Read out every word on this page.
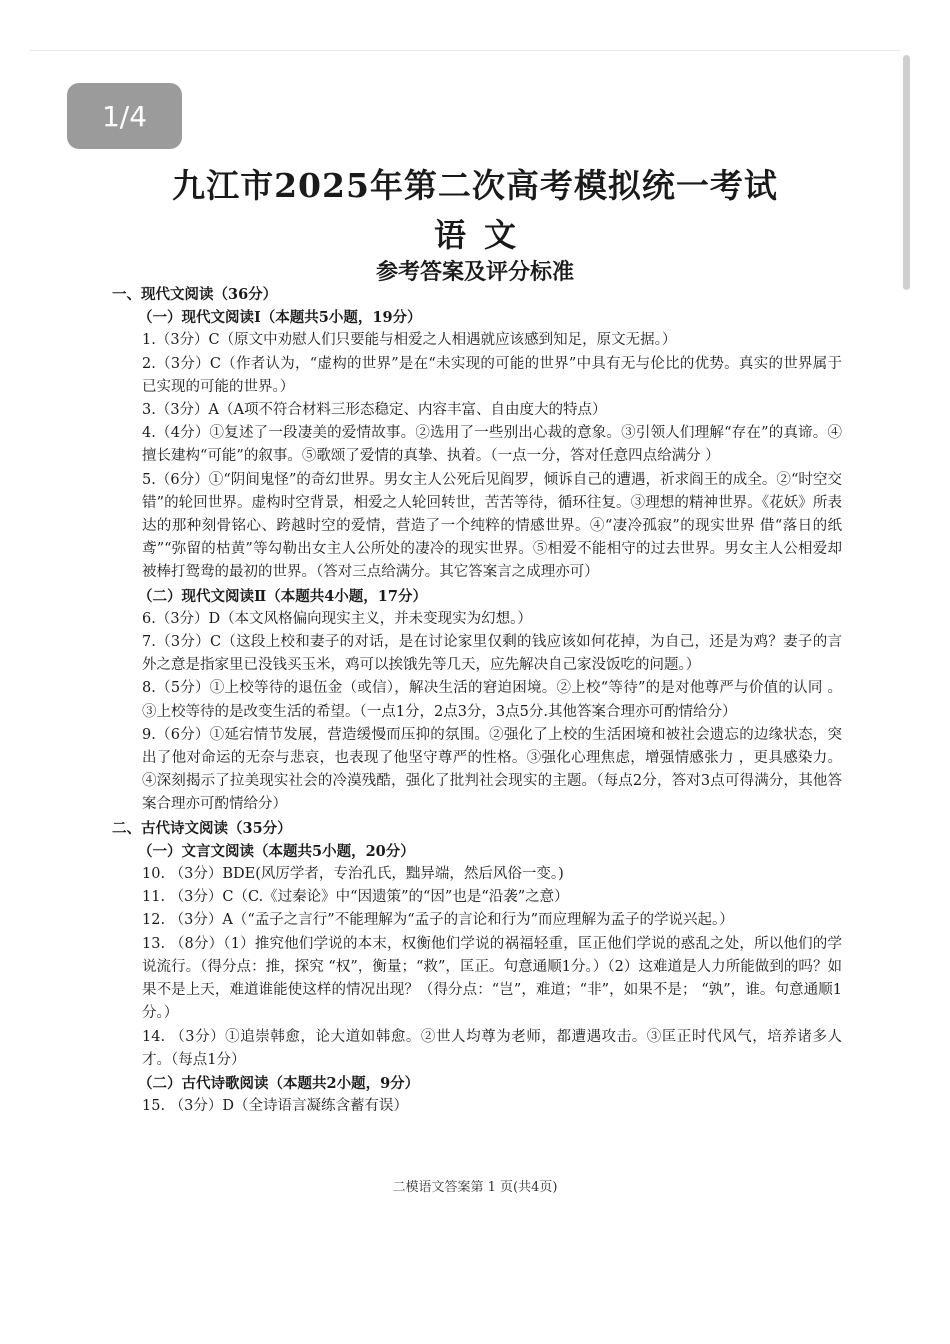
1/4
九江市2025年第二次高考模拟统一考试
语文
参考答案及评分标准

一、现代文阅读（36分）

（一）现代文阅读Ⅰ（本题共5小题，19分）

1.（3分）C（原文中劝慰人们只要能与相爱之人相遇就应该感到知足，原文无据。）

2.（3分）C（作者认为，“虚构的世界”是在“未实现的可能的世界”中具有无与伦比的优势。真实的世界属于已实现的可能的世界。）

3.（3分）A（A项不符合材料三形态稳定、内容丰富、自由度大的特点）

4.（4分）①复述了一段凄美的爱情故事。②选用了一些别出心裁的意象。③引领人们理解“存在”的真谛。④擅长建构“可能”的叙事。⑤歌颂了爱情的真挚、执着。（一点一分，答对任意四点给满分 ）

5.（6分）①“阴间鬼怪”的奇幻世界。男女主人公死后见阎罗，倾诉自己的遭遇，祈求阎王的成全。②“时空交错”的轮回世界。虚构时空背景，相爱之人轮回转世，苦苦等待，循环往复。③理想的精神世界。《花妖》所表达的那种刻骨铭心、跨越时空的爱情，营造了一个纯粹的情感世界。④“凄冷孤寂”的现实世界 借“落日的纸鸢”“弥留的枯黄”等勾勒出女主人公所处的凄冷的现实世界。⑤相爱不能相守的过去世界。男女主人公相爱却被棒打鸳鸯的最初的世界。（答对三点给满分。其它答案言之成理亦可）

（二）现代文阅读Ⅱ（本题共4小题，17分）

6.（3分）D（本文风格偏向现实主义，并未变现实为幻想。）

7.（3分）C（这段上校和妻子的对话，是在讨论家里仅剩的钱应该如何花掉，为自己，还是为鸡？妻子的言外之意是指家里已没钱买玉米，鸡可以挨饿先等几天，应先解决自己家没饭吃的问题。）

8.（5分）①上校等待的退伍金（或信），解决生活的窘迫困境。②上校“等待”的是对他尊严与价值的认同 。③上校等待的是改变生活的希望。（一点1分，2点3分，3点5分.其他答案合理亦可酌情给分）

9.（6分）①延宕情节发展，营造缓慢而压抑的氛围。②强化了上校的生活困境和被社会遗忘的边缘状态，突出了他对命运的无奈与悲哀，也表现了他坚守尊严的性格。③强化心理焦虑，增强情感张力 ，更具感染力。④深刻揭示了拉美现实社会的冷漠残酷，强化了批判社会现实的主题。（每点2分，答对3点可得满分，其他答案合理亦可酌情给分）

二、古代诗文阅读（35分）

（一）文言文阅读（本题共5小题，20分）

10. （3分）BDE(风厉学者，专治孔氏，黜异端，然后风俗一变。)

11. （3分）C（C.《过秦论》中“因遗策”的“因”也是“沿袭”之意）

12. （3分）A（“孟子之言行”不能理解为“孟子的言论和行为”而应理解为孟子的学说兴起。）

13. （8分）（1）推究他们学说的本末，权衡他们学说的祸福轻重，匡正他们学说的惑乱之处，所以他们的学说流行。（得分点：推，探究 “权”，衡量；“救”，匡正。句意通顺1分。）（2）这难道是人力所能做到的吗？如果不是上天，难道谁能使这样的情况出现？（得分点：“岂”，难道；“非”，如果不是； “孰”，谁。句意通顺1分。）

14. （3分）①追崇韩愈，论大道如韩愈。②世人均尊为老师，都遭遇攻击。③匡正时代风气，培养诸多人才。（每点1分）

（二）古代诗歌阅读（本题共2小题，9分）

15. （3分）D（全诗语言凝练含蓄有误）

二模语文答案第 1 页(共4页)
